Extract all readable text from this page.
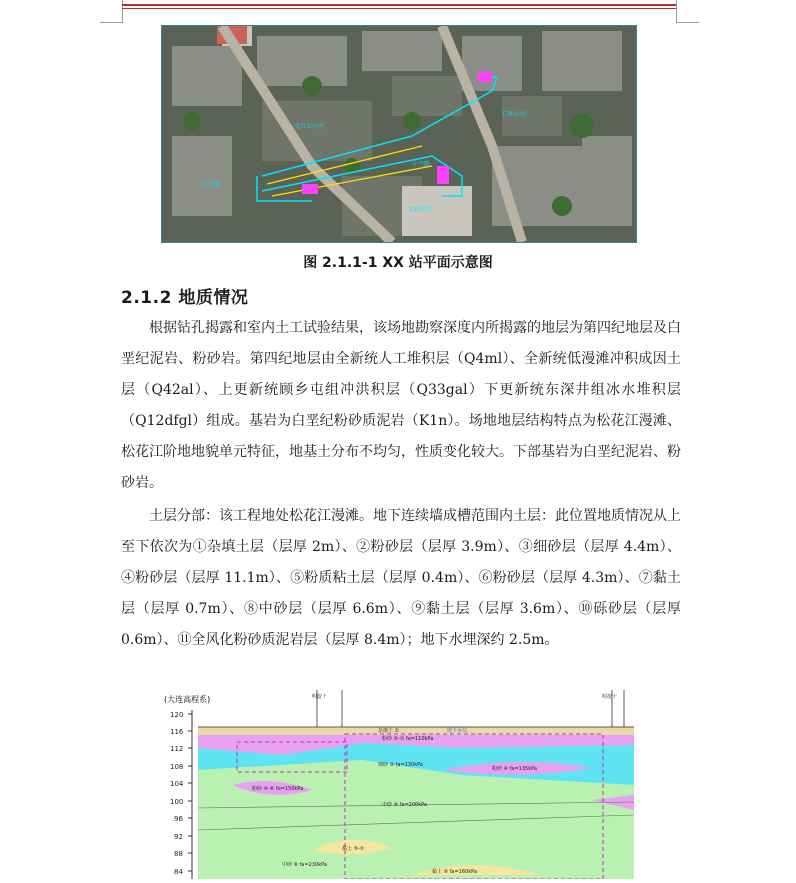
文昌七小区
民主路
文庙社区
仁和小区
中兴路
图 2.1.1-1 XX 站平面示意图
2.1.2 地质情况
根据钻孔揭露和室内土工试验结果，该场地勘察深度内所揭露的地层为第四纪地层及白垩纪泥岩、粉砂岩。第四纪地层由全新统人工堆积层（Q4ml）、全新统低漫滩冲积成因土层（Q42al）、上更新统顾乡屯组冲洪积层（Q33gal）下更新统东深井组冰水堆积层（Q12dfgl）组成。基岩为白垩纪粉砂质泥岩（K1n）。场地地层结构特点为松花江漫滩、松花江阶地地貌单元特征，地基土分布不均匀，性质变化较大。下部基岩为白垩纪泥岩、粉砂岩。
土层分部：该工程地处松花江漫滩。地下连续墙成槽范围内土层：此位置地质情况从上至下依次为①杂填土层（层厚 2m）、②粉砂层（层厚 3.9m）、③细砂层（层厚 4.4m）、④粉砂层（层厚 11.1m）、⑤粉质粘土层（层厚 0.4m）、⑥粉砂层（层厚 4.3m）、⑦黏土层（层厚 0.7m）、⑧中砂层（层厚 6.6m）、⑨黏土层（层厚 3.6m）、⑩砾砂层（层厚 0.6m）、⑪全风化粉砂质泥岩层（层厚 8.4m）；地下水埋深约 2.5m。
(大连高程系)
120
116
112
108
104
100
96
92
88
84
明挖十	明挖十
杂填土 ①	地下水位
粉砂 ②-① fa=110kPa
细砂 ③ fa=130kPa
粉砂 ④ fa=135kPa
粉砂 ④-⑥ fa=150kPa
中砂 ⑧ fa=200kPa
黏土 ⑤-②
中砂 ⑧ fa=230kPa
黏土 ⑨ fa=160kPa
